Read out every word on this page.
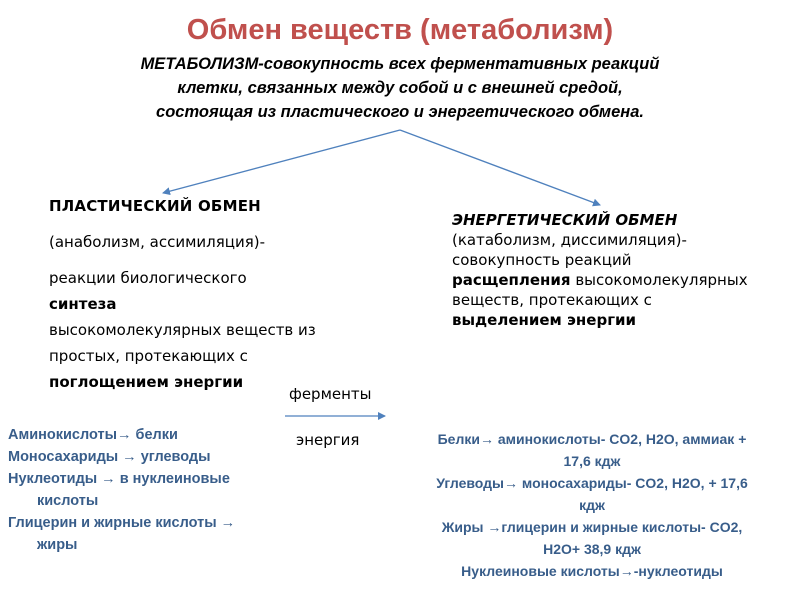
Обмен веществ (метаболизм)

МЕТАБОЛИЗМ-совокупность всех ферментативных реакций
клетки, связанных между собой и с внешней средой,
состоящая из пластического и энергетического обмена.

ПЛАСТИЧЕСКИЙ ОБМЕН
(анаболизм, ассимиляция)-
реакции биологического
синтеза
высокомолекулярных веществ из
простых, протекающих с
поглощением энергии
ЭНЕРГЕТИЧЕСКИЙ ОБМЕН
(катаболизм, диссимиляция)-
совокупность реакций
расщепления высокомолекулярных
веществ, протекающих с
выделением энергии
ферменты
энергия
Аминокислоты→ белки
Моносахариды → углеводы
Нуклеотиды → в нуклеиновые
кислоты
Глицерин и жирные кислоты →
жиры
Белки→ аминокислоты- CO2, H2O, аммиак +
17,6 кдж
Углеводы→ моносахариды- CO2, H2O, + 17,6
кдж
Жиры →глицерин и жирные кислоты- CO2,
H2O+ 38,9 кдж
Нуклеиновые кислоты→-нуклеотиды
